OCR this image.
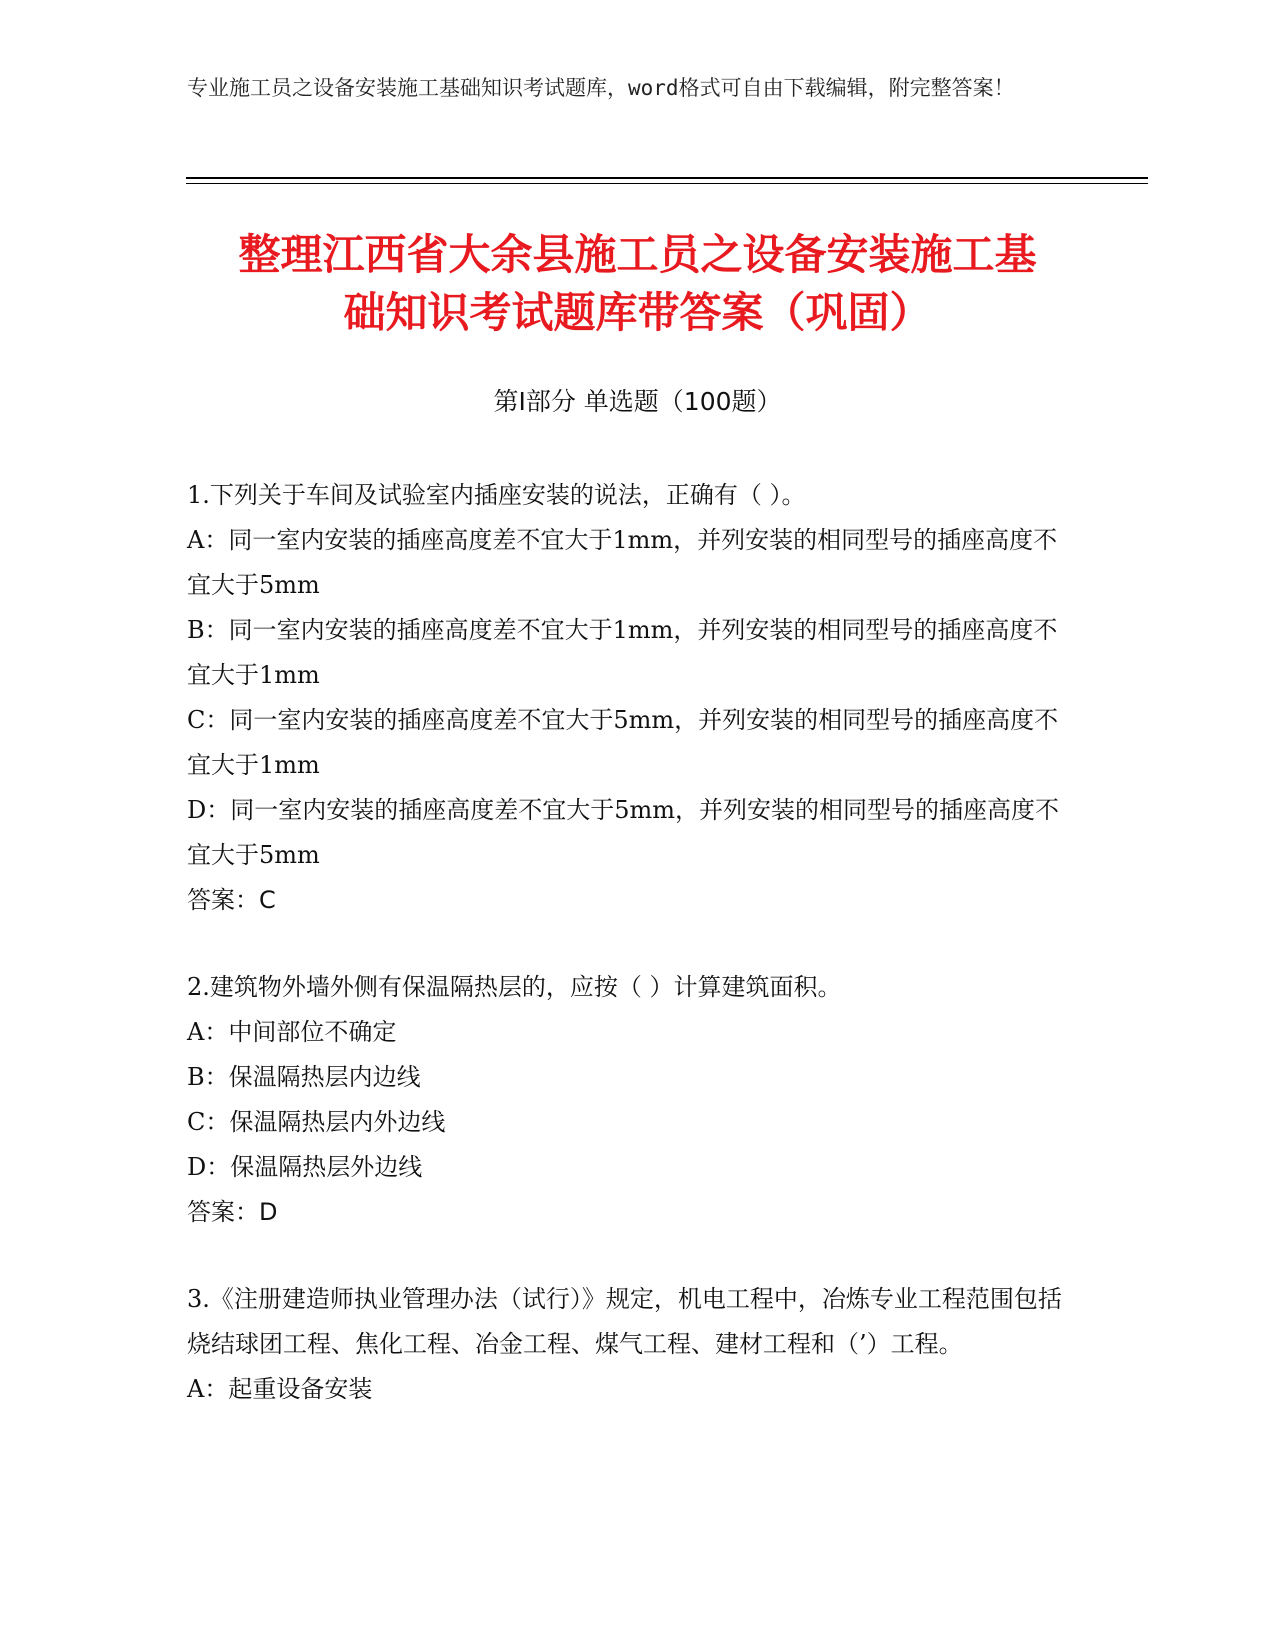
专业施工员之设备安装施工基础知识考试题库，word格式可自由下载编辑，附完整答案！
整理江西省大余县施工员之设备安装施工基
础知识考试题库带答案（巩固）
第Ⅰ部分 单选题（100题）

1.下列关于车间及试验室内插座安装的说法，正确有（ ）。

A：同一室内安装的插座高度差不宜大于1mm，并列安装的相同型号的插座高度不宜大于5mm

B：同一室内安装的插座高度差不宜大于1mm，并列安装的相同型号的插座高度不宜大于1mm

C：同一室内安装的插座高度差不宜大于5mm，并列安装的相同型号的插座高度不宜大于1mm

D：同一室内安装的插座高度差不宜大于5mm，并列安装的相同型号的插座高度不宜大于5mm

答案：C

2.建筑物外墙外侧有保温隔热层的，应按（ ）计算建筑面积。

A：中间部位不确定

B：保温隔热层内边线

C：保温隔热层内外边线

D：保温隔热层外边线

答案：D

3.《注册建造师执业管理办法（试行）》规定，机电工程中，冶炼专业工程范围包括烧结球团工程、焦化工程、冶金工程、煤气工程、建材工程和（’）工程。

A：起重设备安装
